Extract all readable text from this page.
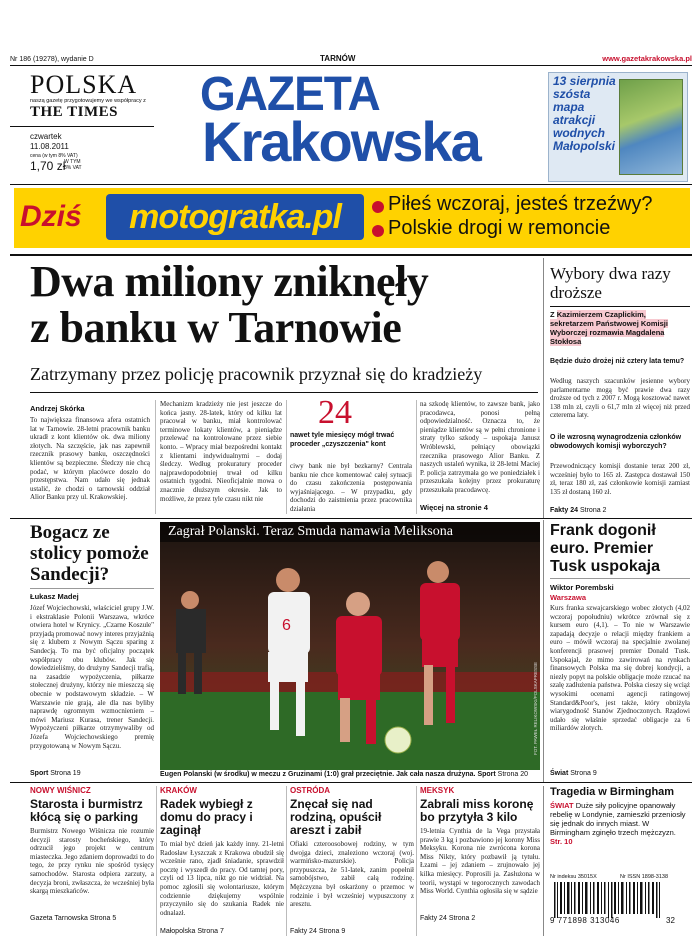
Nr 186 (19278), wydanie D	TARNÓW	www.gazetakrakowska.pl
POLSKA
naszą gazetę przygotowujemy we współpracy z
THE TIMES
czwartek
11.08.2011
cena (w tym 8% VAT)
1,70 zł
W TYM 8% VAT
GAZETA
Krakowska
13 sierpnia
szósta
mapa
atrakcji
wodnych
Małopolski
Dziś motogratka.pl Piłeś wczoraj, jesteś trzeźwy?
Polskie drogi w remoncie
Dwa miliony zniknęły
z banku w Tarnowie
Zatrzymany przez policję pracownik przyznał się do kradzieży
Andrzej Skórka
To największa finansowa afera ostatnich lat w Tarnowie. 28-letni pracownik banku ukradł z kont klientów ok. dwa miliony złotych. Na szczęście, jak nas zapewnił rzecznik prasowy banku, oszczędności klientów są bezpieczne. Śledczy nie chcą podać, w którym placówce doszło do przestępstwa. Nam udało się jednak ustalić, że chodzi o tarnowski oddział Alior Banku przy ul. Krakowskiej.
Mechanizm kradzieży nie jest jeszcze do końca jasny. 28-latek, który od kilku lat pracował w banku, miał kontrolować terminowe lokaty klientów, a pieniądze przelewać na kontrolowane przez siebie konto. – Wpracy miał bezpośredni kontakt z klientami indywidualnymi – dodaj śledczy. Według prokuratury proceder najprawdopodobniej trwał od kilku ostatnich tygodni. Nieoficjalnie mowa o znacznie dłuższym okresie. Jak to możliwe, że przez tyle czasu nikt nie
24
nawet tyle miesięcy mógł trwać proceder „czyszczenia" kont
ciwy bank nie był bezkarny? Centrala banku nie chce komentować całej sytuacji do czasu zakończenia postępowania wyjaśniającego. – W przypadku, gdy dochodzi do zaistnienia przez pracownika działania
na szkodę klientów, to zawsze bank, jako pracodawca, ponosi pełną odpowiedzialność. Oznacza to, że pieniądze klientów są w pełni chronione i straty tylko szkody – uspokaja Janusz Wróblewski, pełniący obowiązki rzecznika prasowego Alior Banku. Z naszych ustaleń wynika, iż 28-letni Maciej P. policja zatrzymała go we poniedziałek i przeszukała kolejny przez prokuraturę przeszukała pracodawcę.
Więcej na stronie 4
Wybory dwa razy droższe
Z Kazimierzem Czaplickim, sekretarzem Państwowej Komisji Wyborczej rozmawia Magdalena Stokłosa
Będzie dużo drożej niż cztery lata temu?
Według naszych szacunków jesienne wybory parlamentarne mogą być prawie dwa razy droższe od tych z 2007 r. Mogą kosztować nawet 138 mln zł, czyli o 61,7 mln zł więcej niż przed czterema laty.
O ile wzrosną wynagrodzenia członków obwodowych komisji wyborczych?
Przewodniczący komisji dostanie teraz 200 zł, wcześniej było to 165 zł. Zastępca dostawał 150 zł, teraz 180 zł, zaś członkowie komisji zamiast 135 zł dostaną 160 zł.
Fakty 24 Strona 2
Bogacz ze stolicy pomoże Sandecji?
Łukasz Madej
Józef Wojciechowski, właściciel grupy J.W. i ekstraklasie Polonii Warszawa, wkróce otwiera hotel w Krynicy. „Czarne Koszule" przyjadą promować nowy interes przyjaźnią się z klubem z Nowym Sączu sparing z Sandecją. To ma być oficjalny początek współpracy obu klubów. Jak się dowiedzieliśmy, do drużyny Sandecji trafią, na zasadzie wypożyczenia, piłkarze stołecznej drużyny, którzy nie mieszczą się obecnie w podstawowym składzie. – W Warszawie nie grają, ale dla nas byliby naprawdę ogromnym wzmocnieniem – mówi Mariusz Kurasa, trener Sandecji. Wypożyczeni piłkarze otrzymywaliby od Józefa Wojciechowskiego premię przygotowaną w Nowym Sączu.
Sport Strona 19
6
Zagrał Polanski. Teraz Smuda namawia Meliksona
FOT. PAWEŁ RELIKOWSKI/POLSKAPRESSE
Eugen Polanski (w środku) w meczu z Gruzinami (1:0) grał przeciętnie. Jak cała nasza drużyna. Sport Strona 20
Frank dogonił euro. Premier Tusk uspokaja
Wiktor Porembski
Warszawa
Kurs franka szwajcarskiego wobec złotych (4,02 wczoraj popołudniu) wkrótce zrównał się z kursem euro (4,1). – To nie w Warszawie zapadają decyzje o relacji między frankiem a euro – mówił wczoraj na specjalnie zwołanej konferencji prasowej premier Donald Tusk. Uspokajał, że mimo zawirowań na rynkach finansowych Polska ma się dobrej kondycji, a niezły popyt na polskie obligacje może rzucać na szalę zadłużenia państwa. Polska cieszy się wciąż wysokimi ocenami agencji ratingowej Standard&Poor's, jest także, który obniżyła wiarygodność Stanów Zjednoczonych. Rządowi udało się właśnie sprzedać obligacje za 6 miliardów złotych.
Świat Strona 9
NOWY WIŚNICZ
Starosta i burmistrz kłócą się o parking
Burmistrz Nowego Wiśnicza nie rozumie decyzji starosty bocheńskiego, który odrzucił jego projekt w centrum miasteczka. Jego zdaniem doprowadzi to do tego, że przy rynku nie spośród tysięcy samochodów. Starosta odpiera zarzuty, a decyzja broni, zwłaszcza, że wcześniej była skargą mieszkańców.
Gazeta Tarnowska Strona 5
KRAKÓW
Radek wybiegł z domu do pracy i zaginął
To miał być dzień jak każdy inny. 21-letni Radosław Łyszczak z Krakowa obudził się wcześnie rano, zjadł śniadanie, sprawdził pocztę i wyszedł do pracy. Od tamtej pory, czyli od 13 lipca, nikt go nie widział. Na pomoc zgłosili się wolontariusze, którym codziennie dziękujemy wspólnie przyczyniło się do szukania Radek nie odnalazł.
Małopolska Strona 7
OSTRÓDA
Znęcał się nad rodziną, opuścił areszt i zabił
Ofiaki czteroosobowej rodziny, w tym dwojga dzieci, znaleziono wczoraj (woj. warmińsko-mazurskie). Policja przypuszcza, że 51-latek, zanim popełnił samobójstwo, zabił całą rodzinę. Mężczyzna był oskarżony o przemoc w rodzinie i był wcześniej wypuszczony z aresztu.
Fakty 24 Strona 9
MEKSYK
Zabrali miss koronę bo przytyła 3 kilo
19-letnia Cynthia de la Vega przystała prawie 3 kg i pozbawiono jej korony Miss Meksyku. Korona nie zwrócona korona Miss Nikty, który pozbawił ją tytułu. Łzami – jej zdaniem – zrujnowało jej kilka miesięcy. Poprosili ja. Zasłużona w teorii, wystąpi w tegorocznych zawodach Miss World. Cynthia ogłosiła się w sądzie
Fakty 24 Strona 2
Tragedia w Birmingham
ŚWIAT Duże siły policyjne opanowały rebelię w Londynie, zamieszki przeniosły się jednak do innych miast. W Birmingham zginęło trzech mężczyzn. Str. 10
Nr indeksu 35015X	Nr ISSN 1898-3138
9 771898 313046	32
